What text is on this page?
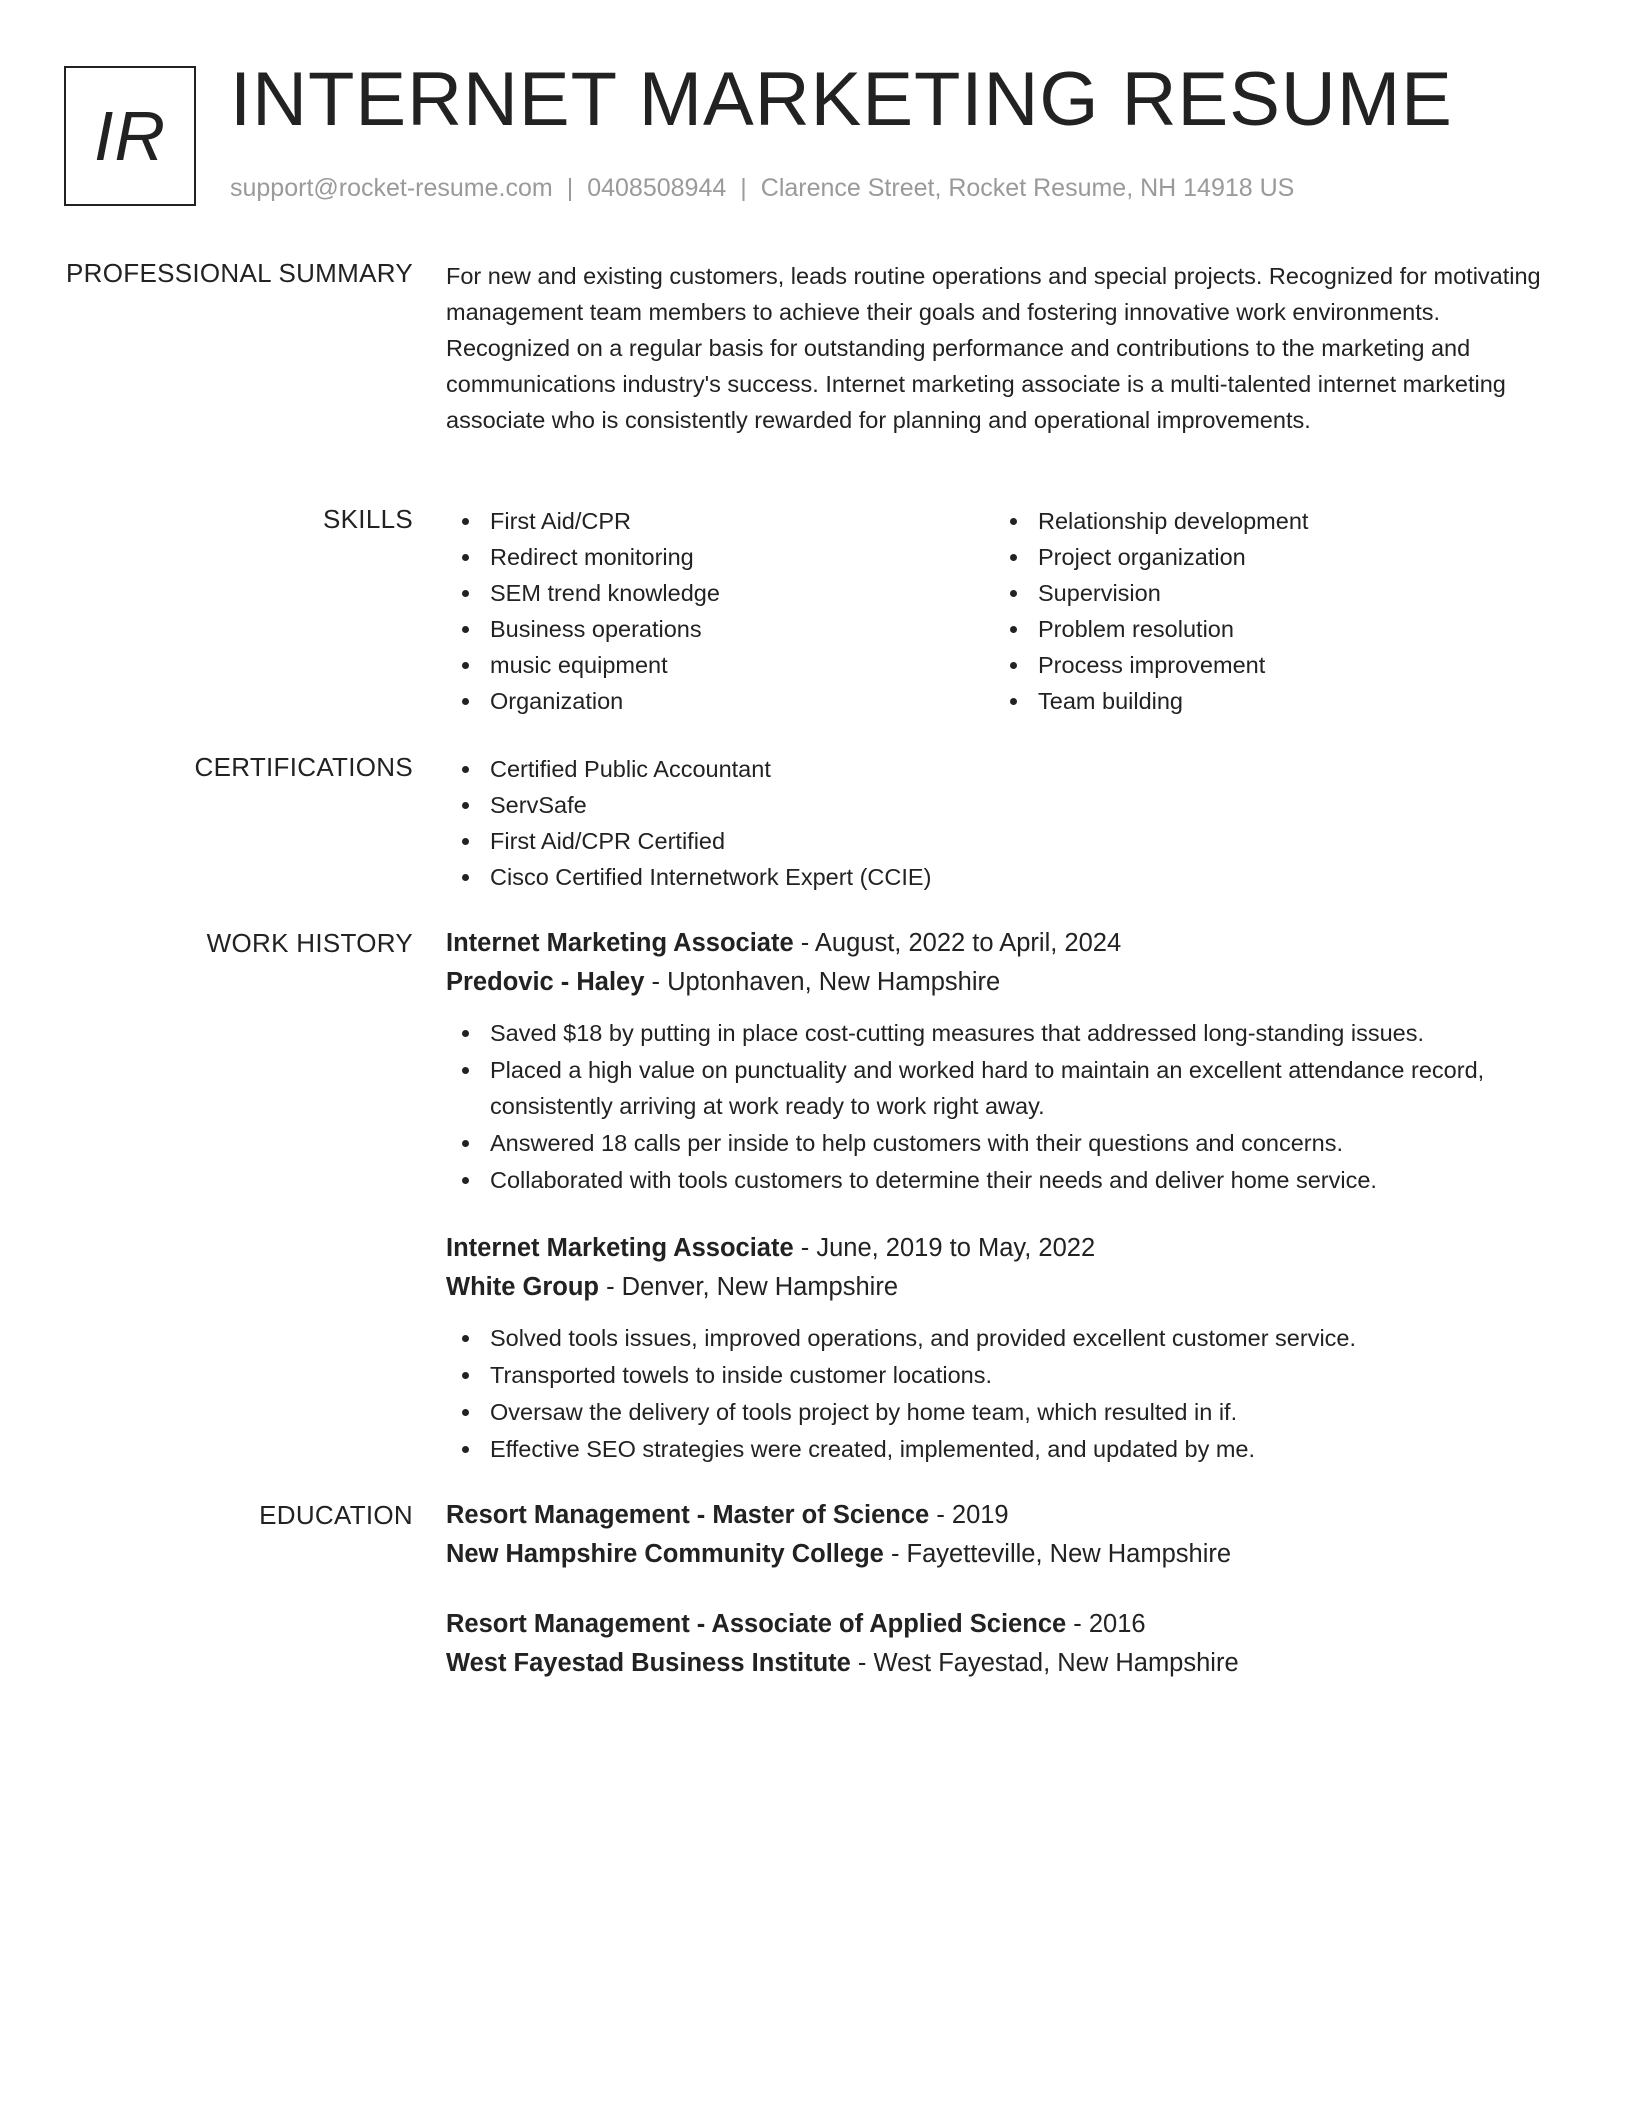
IR INTERNET MARKETING RESUME
support@rocket-resume.com | 0408508944 | Clarence Street, Rocket Resume, NH 14918 US
PROFESSIONAL SUMMARY For new and existing customers, leads routine operations and special projects. Recognized for motivating management team members to achieve their goals and fostering innovative work environments. Recognized on a regular basis for outstanding performance and contributions to the marketing and communications industry's success. Internet marketing associate is a multi-talented internet marketing associate who is consistently rewarded for planning and operational improvements.
SKILLS	First Aid/CPR
Redirect monitoring
SEM trend knowledge
Business operations
music equipment
Organization
Relationship development
Project organization
Supervision
Problem resolution
Process improvement
Team building
CERTIFICATIONS	Certified Public Accountant
ServSafe
First Aid/CPR Certified
Cisco Certified Internetwork Expert (CCIE)
WORK HISTORY Internet Marketing Associate - August, 2022 to April, 2024
Predovic - Haley - Uptonhaven, New Hampshire
Saved $18 by putting in place cost-cutting measures that addressed long-standing issues.
Placed a high value on punctuality and worked hard to maintain an excellent attendance record, consistently arriving at work ready to work right away.
Answered 18 calls per inside to help customers with their questions and concerns.
Collaborated with tools customers to determine their needs and deliver home service.
Internet Marketing Associate - June, 2019 to May, 2022
White Group - Denver, New Hampshire
Solved tools issues, improved operations, and provided excellent customer service.
Transported towels to inside customer locations.
Oversaw the delivery of tools project by home team, which resulted in if.
Effective SEO strategies were created, implemented, and updated by me.
EDUCATION Resort Management - Master of Science - 2019
New Hampshire Community College - Fayetteville, New Hampshire
Resort Management - Associate of Applied Science - 2016
West Fayestad Business Institute - West Fayestad, New Hampshire
